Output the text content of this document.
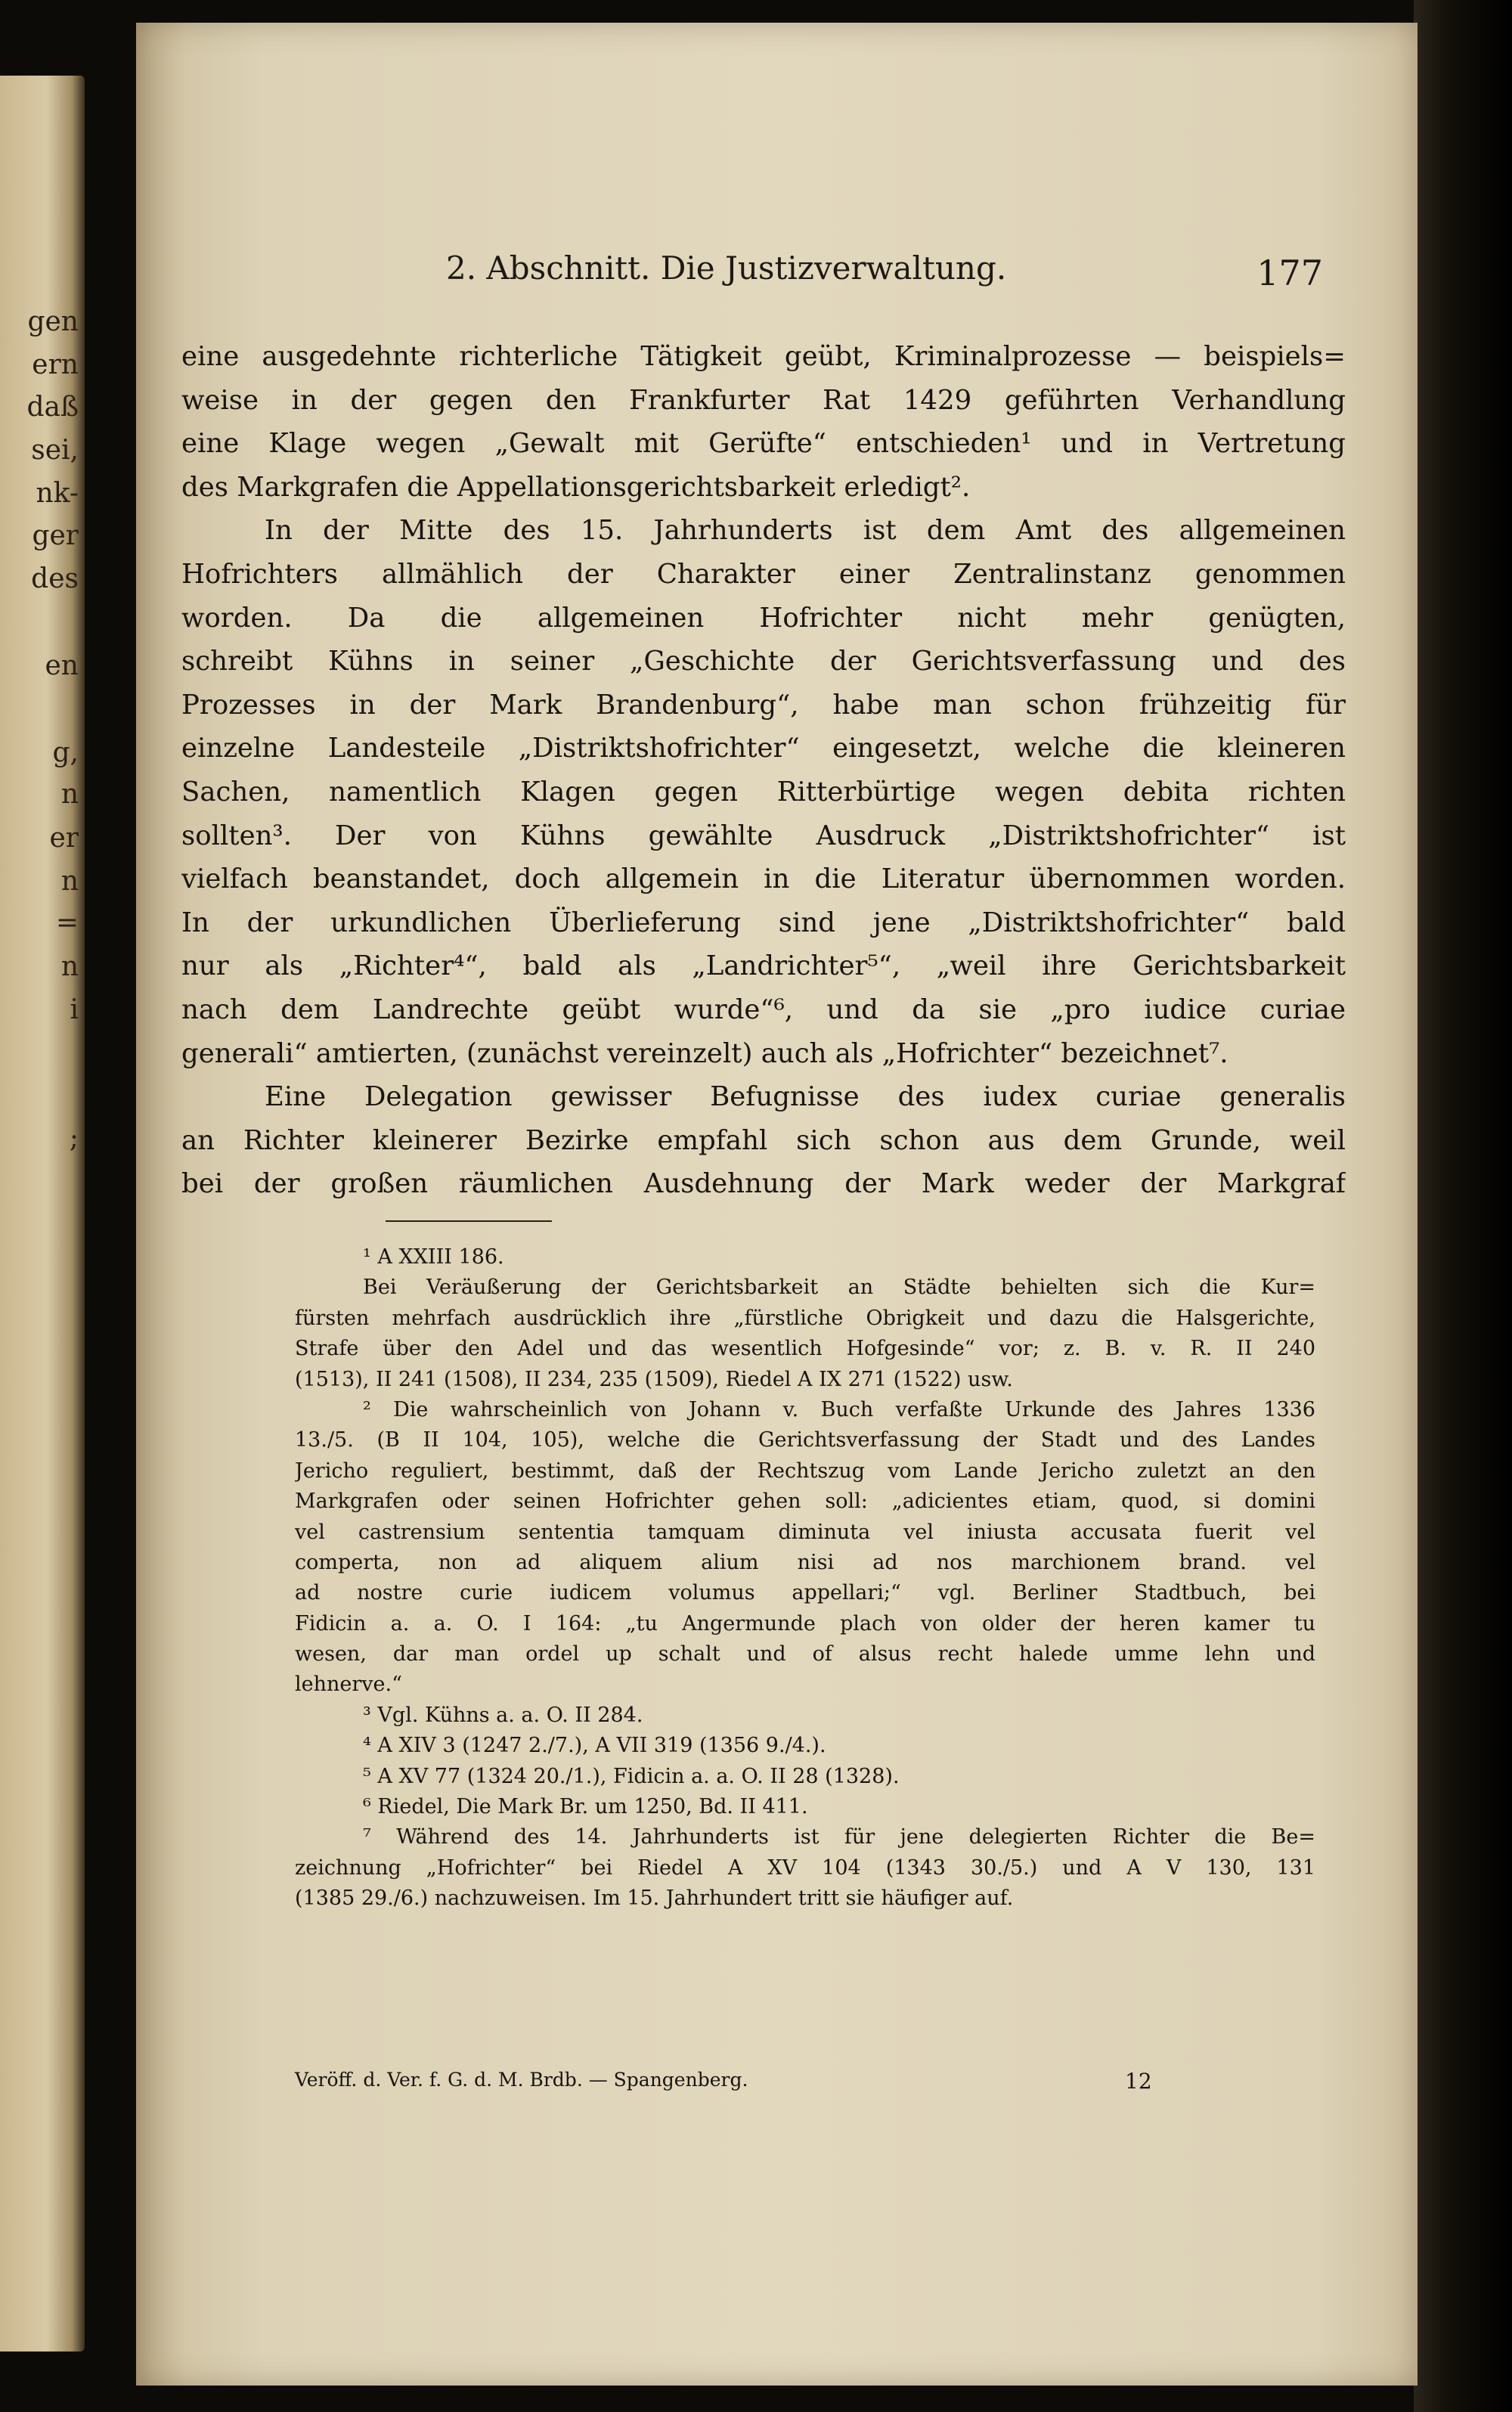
gen
ern
daß
sei,
nk-
ger
des
en
g,
n
er
n
=
n
i
;
2. Abschnitt. Die Justizverwaltung.	177
eine ausgedehnte richterliche Tätigkeit geübt, Kriminalprozesse — beispiels=
weise in der gegen den Frankfurter Rat 1429 geführten Verhandlung
eine Klage wegen „Gewalt mit Gerüfte“ entschieden¹ und in Vertretung
des Markgrafen die Appellationsgerichtsbarkeit erledigt².
In der Mitte des 15. Jahrhunderts ist dem Amt des allgemeinen
Hofrichters allmählich der Charakter einer Zentralinstanz genommen
worden. Da die allgemeinen Hofrichter nicht mehr genügten,
schreibt Kühns in seiner „Geschichte der Gerichtsverfassung und des
Prozesses in der Mark Brandenburg“, habe man schon frühzeitig für
einzelne Landesteile „Distriktshofrichter“ eingesetzt, welche die kleineren
Sachen, namentlich Klagen gegen Ritterbürtige wegen debita richten
sollten³. Der von Kühns gewählte Ausdruck „Distriktshofrichter“ ist
vielfach beanstandet, doch allgemein in die Literatur übernommen worden.
In der urkundlichen Überlieferung sind jene „Distriktshofrichter“ bald
nur als „Richter⁴“, bald als „Landrichter⁵“, „weil ihre Gerichtsbarkeit
nach dem Landrechte geübt wurde“⁶, und da sie „pro iudice curiae
generali“ amtierten, (zunächst vereinzelt) auch als „Hofrichter“ bezeichnet⁷.
Eine Delegation gewisser Befugnisse des iudex curiae generalis
an Richter kleinerer Bezirke empfahl sich schon aus dem Grunde, weil
bei der großen räumlichen Ausdehnung der Mark weder der Markgraf
¹ A XXIII 186.
Bei Veräußerung der Gerichtsbarkeit an Städte behielten sich die Kur=
fürsten mehrfach ausdrücklich ihre „fürstliche Obrigkeit und dazu die Halsgerichte,
Strafe über den Adel und das wesentlich Hofgesinde“ vor; z. B. v. R. II 240
(1513), II 241 (1508), II 234, 235 (1509), Riedel A IX 271 (1522) usw.
² Die wahrscheinlich von Johann v. Buch verfaßte Urkunde des Jahres 1336
13./5. (B II 104, 105), welche die Gerichtsverfassung der Stadt und des Landes
Jericho reguliert, bestimmt, daß der Rechtszug vom Lande Jericho zuletzt an den
Markgrafen oder seinen Hofrichter gehen soll: „adicientes etiam, quod, si domini
vel castrensium sententia tamquam diminuta vel iniusta accusata fuerit vel
comperta, non ad aliquem alium nisi ad nos marchionem brand. vel
ad nostre curie iudicem volumus appellari;“ vgl. Berliner Stadtbuch, bei
Fidicin a. a. O. I 164: „tu Angermunde plach von older der heren kamer tu
wesen, dar man ordel up schalt und of alsus recht halede umme lehn und
lehnerve.“
³ Vgl. Kühns a. a. O. II 284.
⁴ A XIV 3 (1247 2./7.), A VII 319 (1356 9./4.).
⁵ A XV 77 (1324 20./1.), Fidicin a. a. O. II 28 (1328).
⁶ Riedel, Die Mark Br. um 1250, Bd. II 411.
⁷ Während des 14. Jahrhunderts ist für jene delegierten Richter die Be=
zeichnung „Hofrichter“ bei Riedel A XV 104 (1343 30./5.) und A V 130, 131
(1385 29./6.) nachzuweisen. Im 15. Jahrhundert tritt sie häufiger auf.
Veröff. d. Ver. f. G. d. M. Brdb. — Spangenberg.	12
